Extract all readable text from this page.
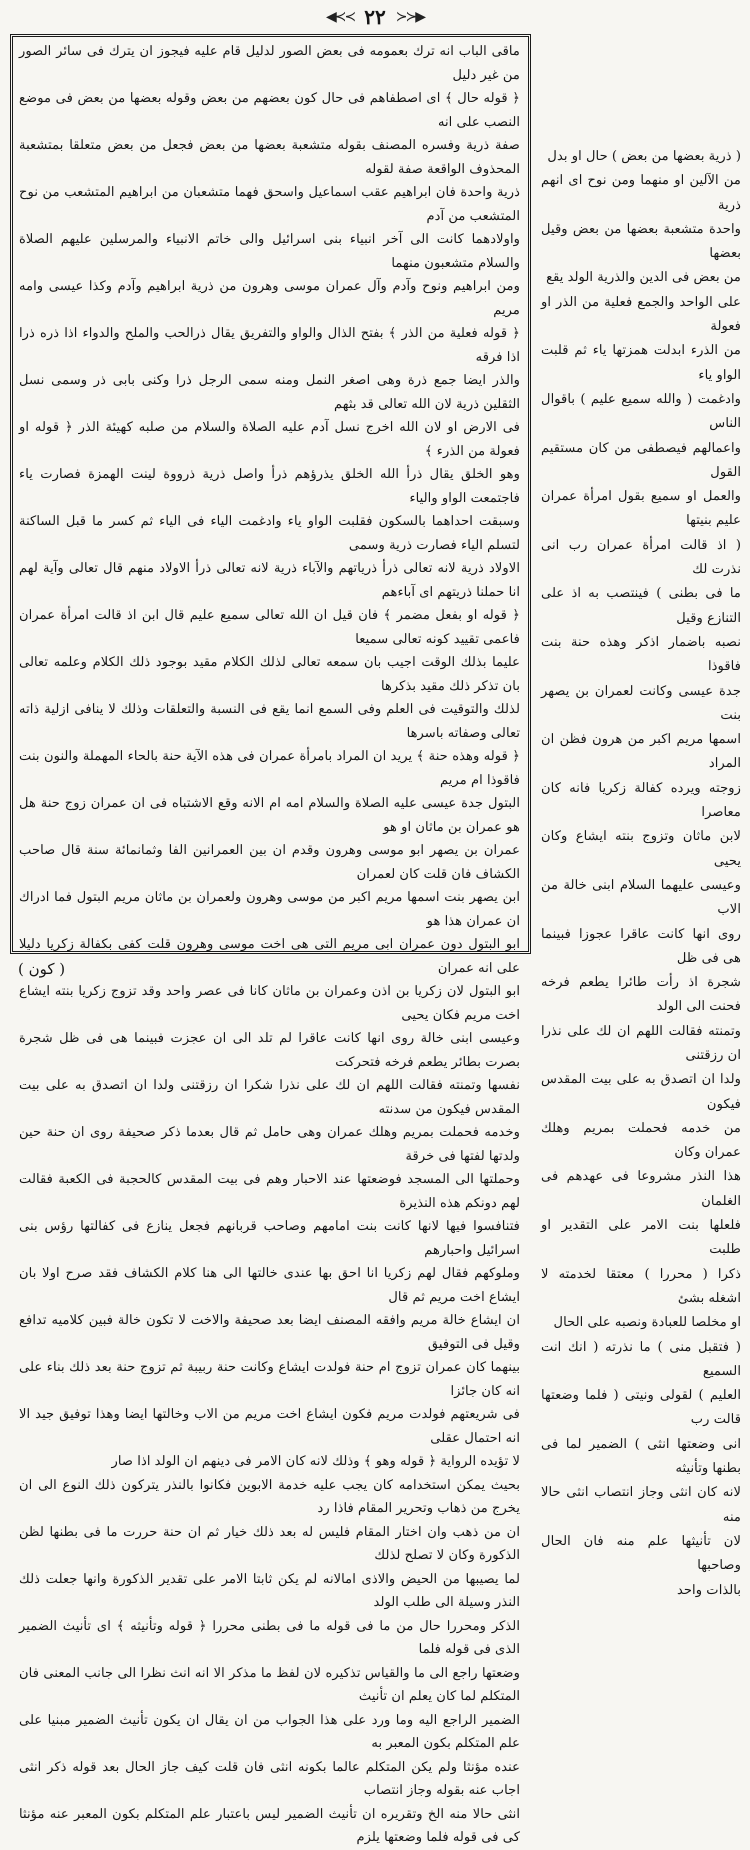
◀≺≺ ٢٢ ≻≻▶

ماقى الباب انه ترك بعمومه فى بعض الصور لدليل قام عليه فيجوز ان يترك فى سائر الصور من غير دليل

﴿ قوله حال ﴾ اى اصطفاهم فى حال كون بعضهم من بعض وقوله بعضها من بعض فى موضع النصب على انه

صفة ذرية وفسره المصنف بقوله متشعبة بعضها من بعض فجعل من بعض متعلقا بمتشعبة المحذوف الواقعة صفة لقوله

ذرية واحدة فان ابراهيم عقب اسماعيل واسحق فهما متشعبان من ابراهيم المتشعب من نوح المتشعب من آدم

واولادهما كانت الى آخر انبياء بنى اسرائيل والى خاتم الانبياء والمرسلين عليهم الصلاة والسلام متشعبون منهما

ومن ابراهيم ونوح وآدم وآل عمران موسى وهرون من ذرية ابراهيم وآدم وكذا عيسى وامه مريم

﴿ قوله فعلية من الذر ﴾ بفتح الذال والواو والتفريق يقال ذرالحب والملح والدواء اذا ذره ذرا اذا فرقه

والذر ايضا جمع ذرة وهى اصغر النمل ومنه سمى الرجل ذرا وكنى بابى ذر وسمى نسل الثقلين ذرية لان الله تعالى قد بثهم

فى الارض او لان الله اخرج نسل آدم عليه الصلاة والسلام من صلبه كهيئة الذر ﴿ قوله او فعولة من الذرء ﴾

وهو الخلق يقال ذرأ الله الخلق يذرؤهم ذرأ واصل ذرية ذرووة لينت الهمزة فصارت ياء فاجتمعت الواو والياء

وسبقت احداهما بالسكون فقلبت الواو ياء وادغمت الياء فى الياء ثم كسر ما قبل الساكنة لتسلم الياء فصارت ذرية وسمى

الاولاد ذرية لانه تعالى ذرأ ذرياتهم والآباء ذرية لانه تعالى ذرأ الاولاد منهم قال تعالى وآية لهم انا حملنا ذريتهم اى آباءهم

﴿ قوله او بفعل مضمر ﴾ فان قيل ان الله تعالى سميع عليم قال ابن اذ قالت امرأة عمران فاعمى تقييد كونه تعالى سميعا

عليما بذلك الوقت اجيب بان سمعه تعالى لذلك الكلام مقيد بوجود ذلك الكلام وعلمه تعالى بان تذكر ذلك مقيد بذكرها

لذلك والتوقيت فى العلم وفى السمع انما يقع فى النسبة والتعلقات وذلك لا ينافى ازلية ذاته تعالى وصفاته باسرها

﴿ قوله وهذه حنة ﴾ يريد ان المراد بامرأة عمران فى هذه الآية حنة بالحاء المهملة والنون بنت فاقوذا ام مريم

البتول جدة عيسى عليه الصلاة والسلام امه ام الانه وقع الاشتباه فى ان عمران زوج حنة هل هو عمران بن ماثان او هو

عمران بن يصهر ابو موسى وهرون وقدم ان بين العمرانين الفا وثمانمائة سنة قال صاحب الكشاف فان قلت كان لعمران

ابن يصهر بنت اسمها مريم اكبر من موسى وهرون ولعمران بن ماثان مريم البتول فما ادراك ان عمران هذا هو

ابو البتول دون عمران ابى مريم التى هى اخت موسى وهرون قلت كفى بكفالة زكريا دليلا على انه عمران

ابو البتول لان زكريا بن اذن وعمران بن ماثان كانا فى عصر واحد وقد تزوج زكريا بنته ايشاع اخت مريم فكان يحيى

وعيسى ابنى خالة روى انها كانت عاقرا لم تلد الى ان عجزت فبينما هى فى ظل شجرة بصرت بطائر يطعم فرخه فتحركت

نفسها وتمنته فقالت اللهم ان لك على نذرا شكرا ان رزقتنى ولدا ان اتصدق به على بيت المقدس فيكون من سدنته

وخدمه فحملت بمريم وهلك عمران وهى حامل ثم قال بعدما ذكر صحيفة روى ان حنة حين ولدتها لفتها فى خرقة

وحملتها الى المسجد فوضعتها عند الاحبار وهم فى بيت المقدس كالحجبة فى الكعبة فقالت لهم دونكم هذه النذيرة

فتنافسوا فيها لانها كانت بنت امامهم وصاحب قربانهم فجعل ينازع فى كفالتها رؤس بنى اسرائيل واحبارهم

وملوكهم فقال لهم زكريا انا احق بها عندى خالتها الى هنا كلام الكشاف فقد صرح اولا بان ايشاع اخت مريم ثم قال

ان ايشاع خالة مريم وافقه المصنف ايضا بعد صحيفة والاخت لا تكون خالة فبين كلاميه تدافع وقيل فى التوفيق

بينهما كان عمران تزوج ام حنة فولدت ايشاع وكانت حنة ربيبة ثم تزوج حنة بعد ذلك بناء على انه كان جائزا

فى شريعتهم فولدت مريم فكون ايشاع اخت مريم من الاب وخالتها ايضا وهذا توفيق جيد الا انه احتمال عقلى

لا تؤيده الرواية ﴿ قوله وهو ﴾ وذلك لانه كان الامر فى دينهم ان الولد اذا صار

بحيث يمكن استخدامه كان يجب عليه خدمة الابوين فكانوا بالنذر يتركون ذلك النوع الى ان يخرج من ذهاب وتحرير المقام فاذا رد

ان من ذهب وان اختار المقام فليس له بعد ذلك خيار ثم ان حنة حررت ما فى بطنها لظن الذكورة وكان لا تصلح لذلك

لما يصيبها من الحيض والاذى امالانه لم يكن ثابتا الامر على تقدير الذكورة وانها جعلت ذلك النذر وسيلة الى طلب الولد

الذكر ومحررا حال من ما فى قوله ما فى بطنى محررا ﴿ قوله وتأنيثه ﴾ اى تأنيث الضمير الذى فى قوله فلما

وضعتها راجع الى ما والقياس تذكيره لان لفظ ما مذكر الا انه انث نظرا الى جانب المعنى فان المتكلم لما كان يعلم ان تأنيث

الضمير الراجع اليه وما ورد على هذا الجواب من ان يقال ان يكون تأنيث الضمير مبنيا على علم المتكلم بكون المعبر به

عنده مؤنثا ولم يكن المتكلم عالما بكونه انثى فان قلت كيف جاز الحال بعد قوله ذكر انثى اجاب عنه بقوله وجاز انتصاب

انثى حالا منه الخ وتقريره ان تأنيث الضمير ليس باعتبار علم المتكلم بكون المعبر عنه مؤنثا كى فى قوله فلما وضعتها يلزم

( ذرية بعضها من بعض ) حال او بدل

من الآلين او منهما ومن نوح اى انهم ذرية

واحدة متشعبة بعضها من بعض وقيل بعضها

من بعض فى الدين والذرية الولد يقع

على الواحد والجمع فعلية من الذر او فعولة

من الذرء ابدلت همزتها ياء ثم قلبت الواو ياء

وادغمت ( والله سميع عليم ) باقوال الناس

واعمالهم فيصطفى من كان مستقيم القول

والعمل او سميع بقول امرأة عمران عليم بنيتها

( اذ قالت امرأة عمران رب انى نذرت لك

ما فى بطنى ) فينتصب به اذ على التنازع وقيل

نصبه باضمار اذكر وهذه حنة بنت فاقوذا

جدة عيسى وكانت لعمران بن يصهر بنت

اسمها مريم اكبر من هرون فظن ان المراد

زوجته ويرده كفالة زكريا فانه كان معاصرا

لابن ماثان وتزوج بنته ايشاع وكان يحيى

وعيسى عليهما السلام ابنى خالة من الاب

روى انها كانت عاقرا عجوزا فبينما هى فى ظل

شجرة اذ رأت طائرا يطعم فرخه فحنت الى الولد

وتمنته فقالت اللهم ان لك على نذرا ان رزقتنى

ولدا ان اتصدق به على بيت المقدس فيكون

من خدمه فحملت بمريم وهلك عمران وكان

هذا النذر مشروعا فى عهدهم فى الغلمان

فلعلها بنت الامر على التقدير او طلبت

ذكرا ( محررا ) معتقا لخدمته لا اشغله بشئ

او مخلصا للعبادة ونصبه على الحال

( فتقبل منى ) ما نذرته ( انك انت السميع

العليم ) لقولى ونيتى ( فلما وضعتها قالت رب

انى وضعتها انثى ) الضمير لما فى بطنها وتأنيثه

لانه كان انثى وجاز انتصاب انثى حالا منه

لان تأنيثها علم منه فان الحال وصاحبها

بالذات واحد

( كون )
